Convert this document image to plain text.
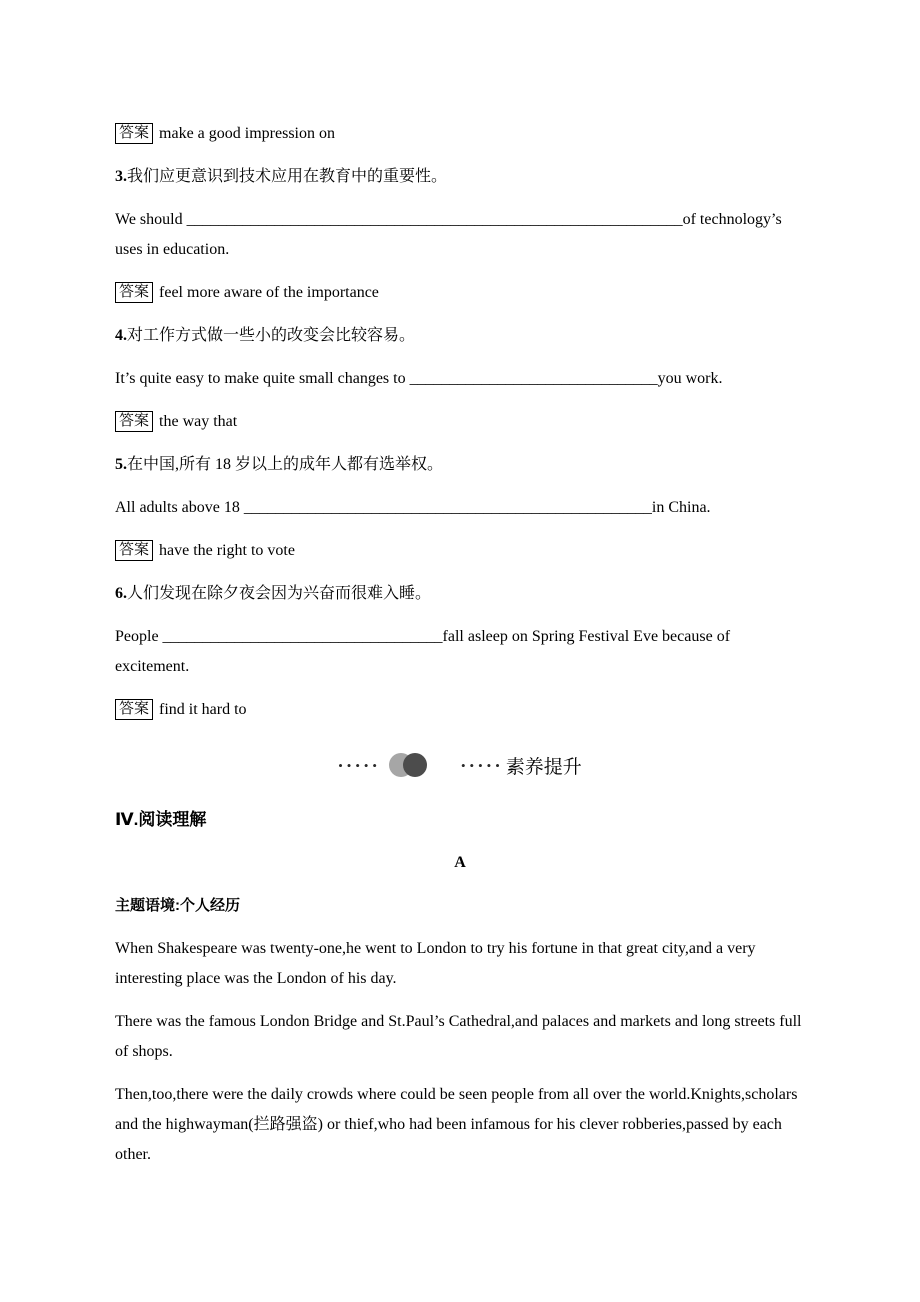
答案 make a good impression on

3.我们应更意识到技术应用在教育中的重要性。

We should ______________________________________________________________of technology’s uses in education.

答案 feel more aware of the importance

4.对工作方式做一些小的改变会比较容易。

It’s quite easy to make quite small changes to _______________________________you work.

答案 the way that

5.在中国,所有 18 岁以上的成年人都有选举权。

All adults above 18 ___________________________________________________in China.

答案 have the right to vote

6.人们发现在除夕夜会因为兴奋而很难入睡。

People ___________________________________fall asleep on Spring Festival Eve because of excitement.

答案 find it hard to

•••••	••••• 素养提升
Ⅳ.阅读理解

A

主题语境:个人经历

When Shakespeare was twenty-one,he went to London to try his fortune in that great city,and a very interesting place was the London of his day.

There was the famous London Bridge and St.Paul’s Cathedral,and palaces and markets and long streets full of shops.

Then,too,there were the daily crowds where could be seen people from all over the world.Knights,scholars and the highwayman(拦路强盗) or thief,who had been infamous for his clever robberies,passed by each other.
